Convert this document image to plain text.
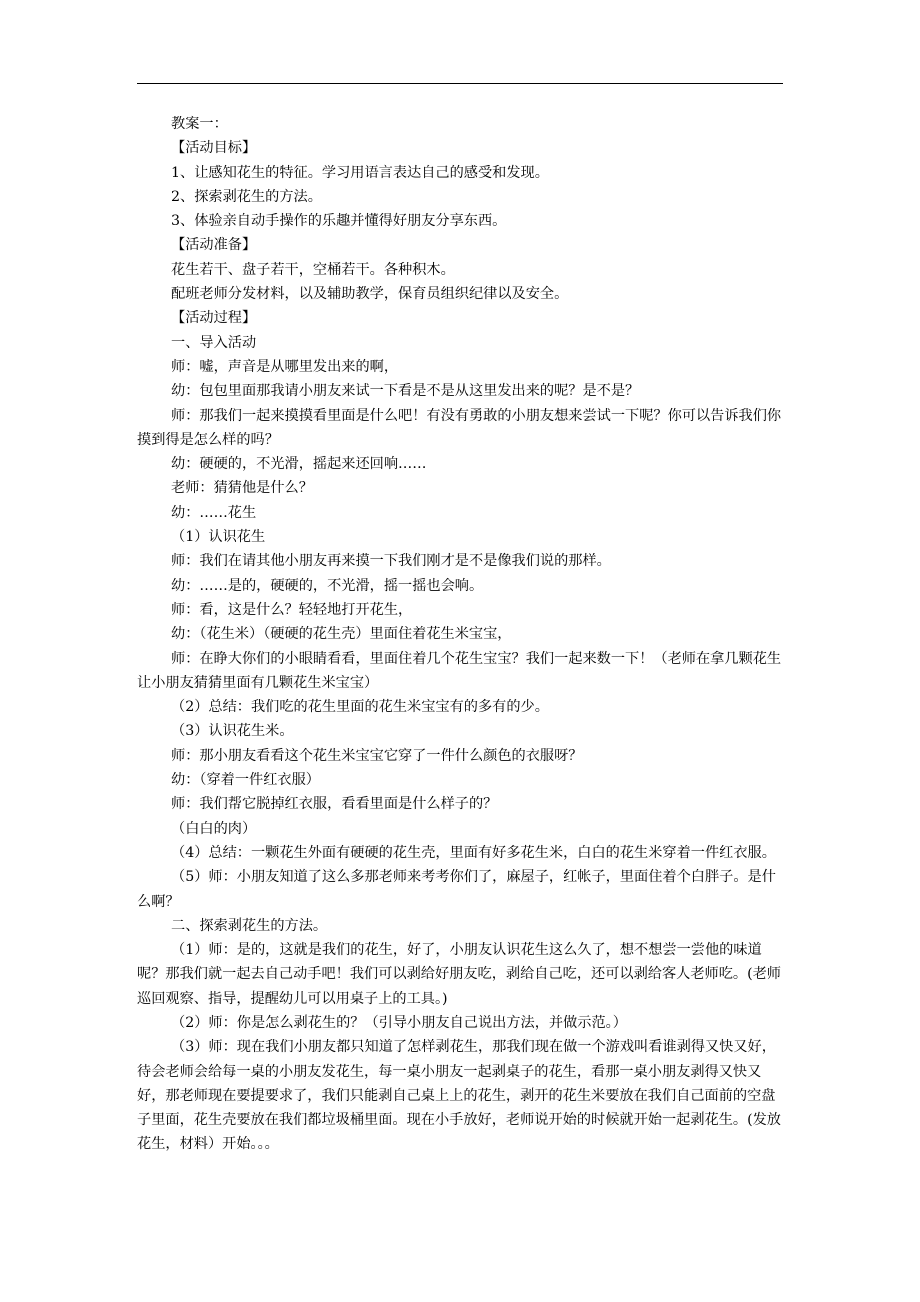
教案一：

【活动目标】

1、让感知花生的特征。学习用语言表达自己的感受和发现。

2、探索剥花生的方法。

3、体验亲自动手操作的乐趣并懂得好朋友分享东西。

【活动准备】

花生若干、盘子若干，空桶若干。各种积木。

配班老师分发材料，以及辅助教学，保育员组织纪律以及安全。

【活动过程】

一、导入活动

师：嘘，声音是从哪里发出来的啊，

幼：包包里面那我请小朋友来试一下看是不是从这里发出来的呢？是不是？

师：那我们一起来摸摸看里面是什么吧！有没有勇敢的小朋友想来尝试一下呢？你可以告诉我们你摸到得是怎么样的吗？

幼：硬硬的，不光滑，摇起来还回响……

老师：猜猜他是什么？

幼：……花生

（1）认识花生

师：我们在请其他小朋友再来摸一下我们刚才是不是像我们说的那样。

幼：……是的，硬硬的，不光滑，摇一摇也会响。

师：看，这是什么？轻轻地打开花生，

幼：（花生米）（硬硬的花生壳）里面住着花生米宝宝，

师：在睁大你们的小眼睛看看，里面住着几个花生宝宝？我们一起来数一下！（老师在拿几颗花生让小朋友猜猜里面有几颗花生米宝宝）

（2）总结：我们吃的花生里面的花生米宝宝有的多有的少。

（3）认识花生米。

师：那小朋友看看这个花生米宝宝它穿了一件什么颜色的衣服呀？

幼：（穿着一件红衣服）

师：我们帮它脱掉红衣服，看看里面是什么样子的？

（白白的肉）

（4）总结：一颗花生外面有硬硬的花生壳，里面有好多花生米，白白的花生米穿着一件红衣服。

（5）师：小朋友知道了这么多那老师来考考你们了，麻屋子，红帐子，里面住着个白胖子。是什么啊？

二、探索剥花生的方法。

（1）师：是的，这就是我们的花生，好了，小朋友认识花生这么久了，想不想尝一尝他的味道呢？那我们就一起去自己动手吧！我们可以剥给好朋友吃，剥给自己吃，还可以剥给客人老师吃。(老师巡回观察、指导，提醒幼儿可以用桌子上的工具。)

（2）师：你是怎么剥花生的？（引导小朋友自己说出方法，并做示范。）

（3）师：现在我们小朋友都只知道了怎样剥花生，那我们现在做一个游戏叫看谁剥得又快又好，待会老师会给每一桌的小朋友发花生，每一桌小朋友一起剥桌子的花生，看那一桌小朋友剥得又快又好，那老师现在要提要求了，我们只能剥自己桌上上的花生，剥开的花生米要放在我们自己面前的空盘子里面，花生壳要放在我们都垃圾桶里面。现在小手放好，老师说开始的时候就开始一起剥花生。(发放花生，材料）开始。。。
